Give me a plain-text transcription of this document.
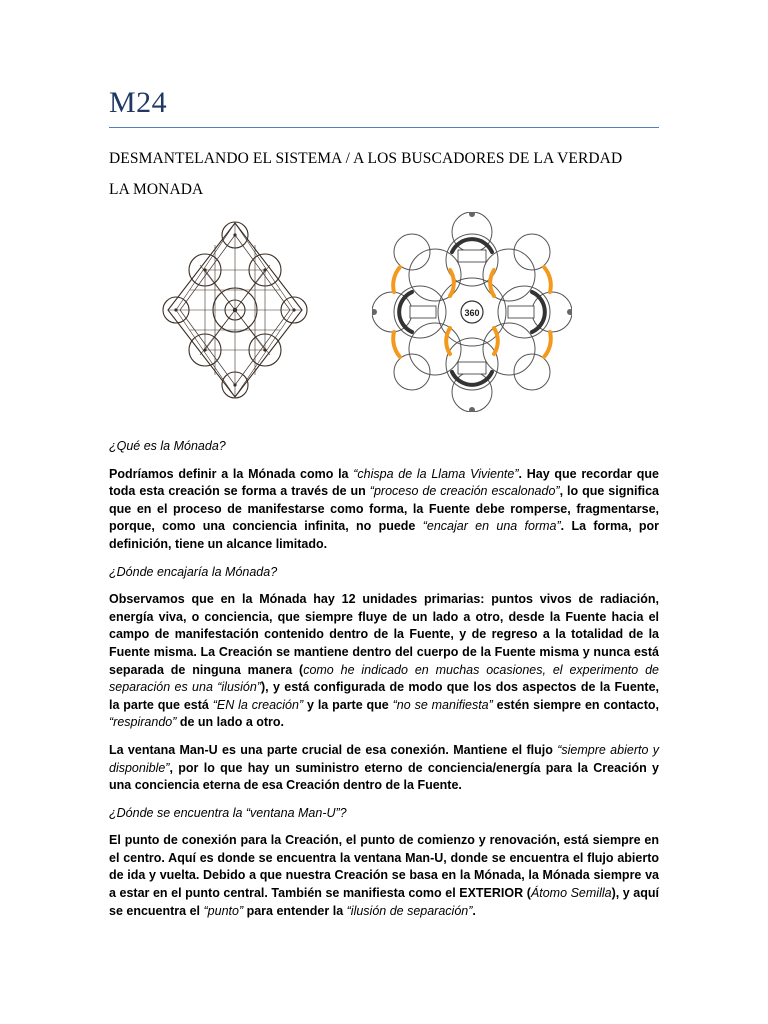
M24
DESMANTELANDO EL SISTEMA / A LOS BUSCADORES DE LA VERDAD
LA MONADA
360

¿Qué es la Mónada?

Podríamos definir a la Mónada como la “chispa de la Llama Viviente”. Hay que recordar que toda esta creación se forma a través de un “proceso de creación escalonado”, lo que significa que en el proceso de manifestarse como forma, la Fuente debe romperse, fragmentarse, porque, como una conciencia infinita, no puede “encajar en una forma”. La forma, por definición, tiene un alcance limitado.

¿Dónde encajaría la Mónada?

Observamos que en la Mónada hay 12 unidades primarias: puntos vivos de radiación, energía viva, o conciencia, que siempre fluye de un lado a otro, desde la Fuente hacia el campo de manifestación contenido dentro de la Fuente, y de regreso a la totalidad de la Fuente misma. La Creación se mantiene dentro del cuerpo de la Fuente misma y nunca está separada de ninguna manera (como he indicado en muchas ocasiones, el experimento de separación es una “ilusión”), y está configurada de modo que los dos aspectos de la Fuente, la parte que está “EN la creación” y la parte que “no se manifiesta” estén siempre en contacto, “respirando” de un lado a otro.

La ventana Man-U es una parte crucial de esa conexión. Mantiene el flujo “siempre abierto y disponible”, por lo que hay un suministro eterno de conciencia/energía para la Creación y una conciencia eterna de esa Creación dentro de la Fuente.

¿Dónde se encuentra la “ventana Man-U”?

El punto de conexión para la Creación, el punto de comienzo y renovación, está siempre en el centro. Aquí es donde se encuentra la ventana Man-U, donde se encuentra el flujo abierto de ida y vuelta. Debido a que nuestra Creación se basa en la Mónada, la Mónada siempre va a estar en el punto central. También se manifiesta como el EXTERIOR (Átomo Semilla), y aquí se encuentra el “punto” para entender la “ilusión de separación”.
